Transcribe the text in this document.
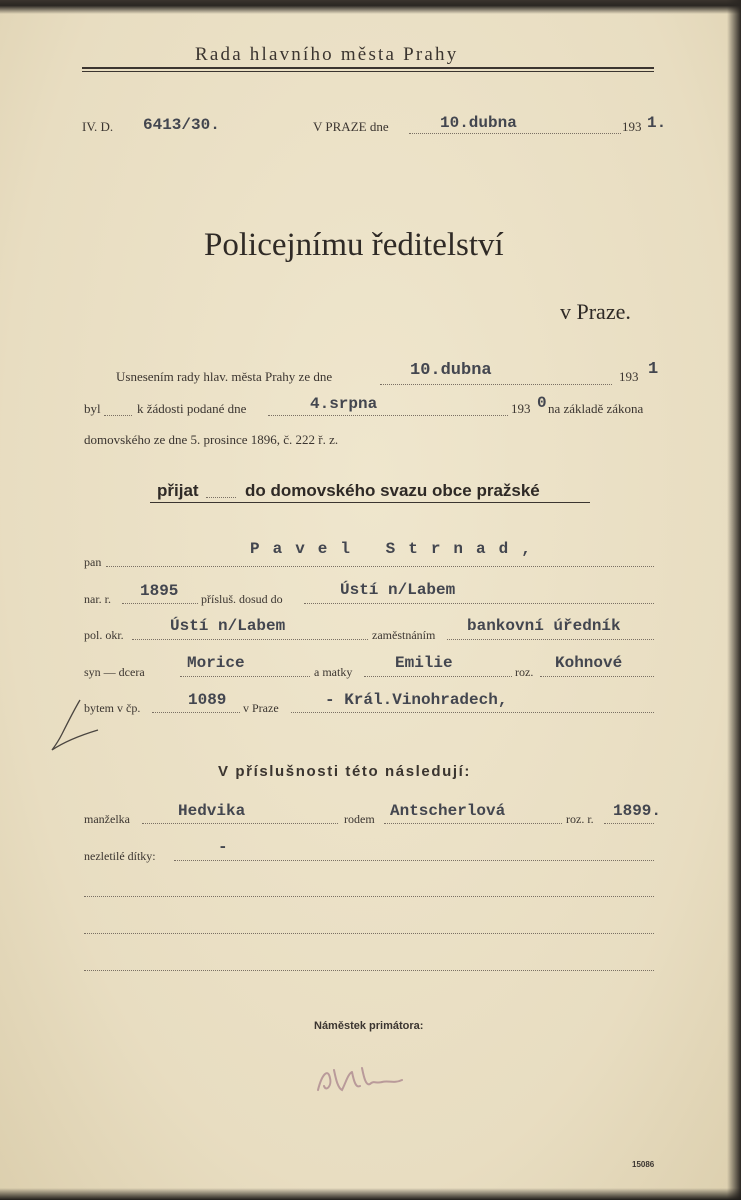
Rada hlavního města Prahy
IV. D. 6413/30.	V PRAZE dne	10.dubna	193 1.
Policejnímu ředitelství
v Praze.
Usnesením rady hlav. města Prahy ze dne	10.dubna	193 1
byl	k žádosti podané dne	4.srpna	193 0 na základě zákona
domovského ze dne 5. prosince 1896, č. 222 ř. z.
přijat	do domovského svazu obce pražské
pan
Pavel Strnad,
nar. r. 1895 přísluš. dosud do	Ústí n/Labem
pol. okr.	Ústí n/Labem	zaměstnáním bankovní úředník
syn — dcera	Morice	a matky	Emilie	roz. Kohnové
bytem v čp.	1089 v Praze	- Král.Vinohradech,
V příslušnosti této následují:
manželka	Hedvika	rodem Antscherlová	roz. r. 1899.
nezletilé dítky:	-
Náměstek primátora:
15086
